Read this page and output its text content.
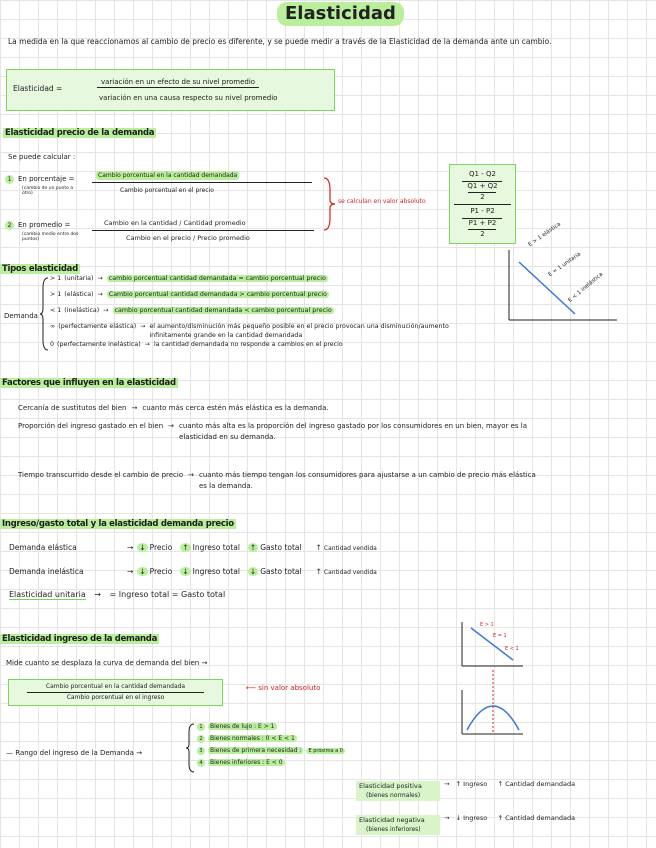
Elasticidad
La medida en la que reaccionamos al cambio de precio es diferente, y se puede medir a través de la Elasticidad de la demanda ante un cambio.
Elasticidad =
variación en un efecto de su nivel promedio
variación en una causa respecto su nivel promedio
Elasticidad precio de la demanda
Se puede calcular :
1 En porcentaje =
(cambio de un punto a otro)
Cambio porcentual en la cantidad demandada
Cambio porcentual en el precio
2 En promedio =
(cambio medio entre dos puntos)
Cambio en la cantidad / Cantidad promedio
Cambio en el precio / Precio promedio
se calculan en valor absoluto
Q1 - Q2
Q1 + Q2
2
P1 - P2
P1 + P2
2
Tipos elasticidad
Demanda
E > 1 elástica
E = 1 unitaria
E < 1 inelástica
Factores que influyen en la elasticidad
Ingreso/gasto total y la elasticidad demanda precio
Elasticidad unitaria → = Ingreso total = Gasto total
Elasticidad ingreso de la demanda
Mide cuanto se desplaza la curva de demanda del bien →
Cambio porcentual en la cantidad demandada
Cambio porcentual en el ingreso
⟵ sin valor absoluto
E > 1
E = 1
E < 1
— Rango del ingreso de la Demanda →
Elasticidad positiva
(bienes normales)
→   ↑ Ingreso     ↑ Cantidad demandada
Elasticidad negativa
(bienes inferiores)
→   ↓ Ingreso     ↑ Cantidad demandada
> 1 (unitaria) → cambio porcentual cantidad demandada = cambio porcentual precio
> 1 (elástica) → Cambio porcentual cantidad demandada > cambio porcentual precio
< 1 (inelástica) → cambio porcentual cantidad demandada < cambio porcentual precio
∞ (perfectamente elástica) → el aumento/disminución más pequeño posible en el precio provocan una disminución/aumento infinitamente grande en la cantidad demandada
0 (perfectamente inelástica) → la cantidad demandada no responde a cambios en el precio
Cercanía de sustitutos del bien → cuanto más cerca estén más elástica es la demanda.
Proporción del ingreso gastado en el bien → cuanto más alta es la proporción del ingreso gastado por los consumidores en un bien, mayor es la elasticidad en su demanda.
Tiempo transcurrido desde el cambio de precio → cuanto más tiempo tengan los consumidores para ajustarse a un cambio de precio más elástica es la demanda.
Demanda elástica	→ ↓ Precio ↑ Ingreso total ↑ Gasto total ↑ Cantidad vendida
Demanda inelástica	→ ↓ Precio ↓ Ingreso total ↓ Gasto total ↑ Cantidad vendida
1 Bienes de lujo : E > 1
2 Bienes normales : 0 < E < 1
3 Bienes de primera necesidad : E próxima a 0
4 Bienes inferiores : E < 0
